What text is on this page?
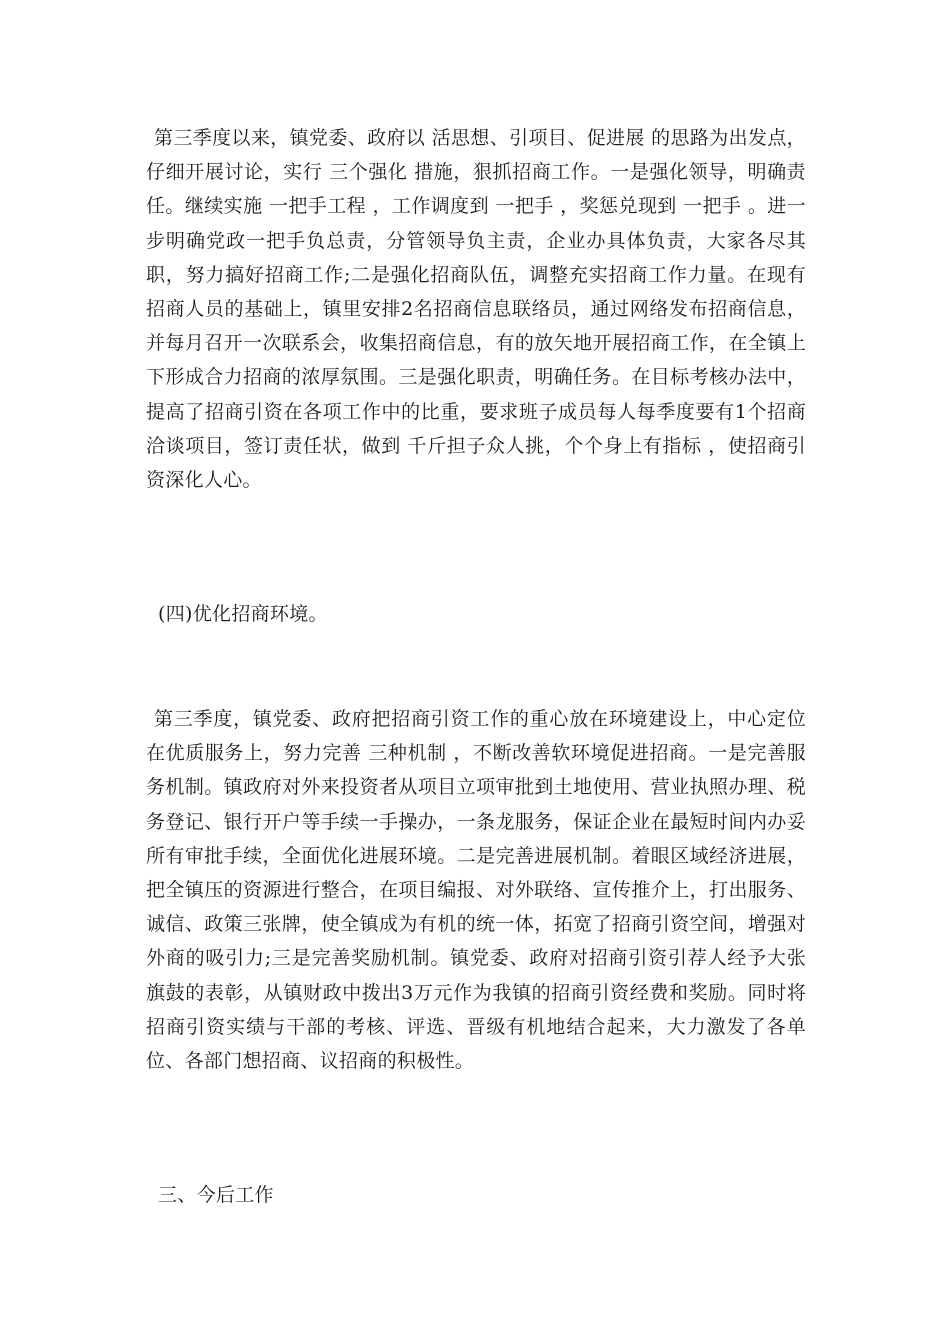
第三季度以来，镇党委、政府以 活思想、引项目、促进展 的思路为出发点，仔细开展讨论，实行 三个强化 措施，狠抓招商工作。一是强化领导，明确责任。继续实施 一把手工程 ，工作调度到 一把手 ，奖惩兑现到 一把手 。进一步明确党政一把手负总责，分管领导负主责，企业办具体负责，大家各尽其职，努力搞好招商工作;二是强化招商队伍，调整充实招商工作力量。在现有招商人员的基础上，镇里安排2名招商信息联络员，通过网络发布招商信息，并每月召开一次联系会，收集招商信息，有的放矢地开展招商工作，在全镇上下形成合力招商的浓厚氛围。三是强化职责，明确任务。在目标考核办法中，提高了招商引资在各项工作中的比重，要求班子成员每人每季度要有1个招商洽谈项目，签订责任状，做到 千斤担子众人挑，个个身上有指标 ，使招商引资深化人心。

(四)优化招商环境。

第三季度，镇党委、政府把招商引资工作的重心放在环境建设上，中心定位在优质服务上，努力完善 三种机制 ，不断改善软环境促进招商。一是完善服务机制。镇政府对外来投资者从项目立项审批到土地使用、营业执照办理、税务登记、银行开户等手续一手操办，一条龙服务，保证企业在最短时间内办妥所有审批手续，全面优化进展环境。二是完善进展机制。着眼区域经济进展，把全镇压的资源进行整合，在项目编报、对外联络、宣传推介上，打出服务、诚信、政策三张牌，使全镇成为有机的统一体，拓宽了招商引资空间，增强对外商的吸引力;三是完善奖励机制。镇党委、政府对招商引资引荐人经予大张旗鼓的表彰，从镇财政中拨出3万元作为我镇的招商引资经费和奖励。同时将招商引资实绩与干部的考核、评选、晋级有机地结合起来，大力激发了各单位、各部门想招商、议招商的积极性。

三、今后工作
